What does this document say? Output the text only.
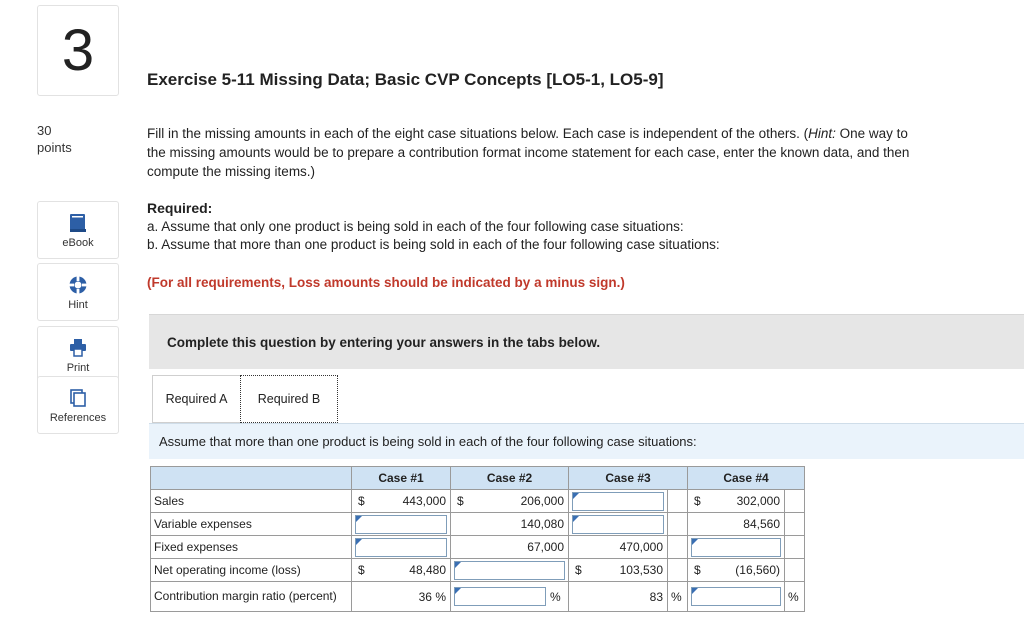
3
30
points
eBook
Hint
Print
References
Exercise 5-11 Missing Data; Basic CVP Concepts [LO5-1, LO5-9]
Fill in the missing amounts in each of the eight case situations below. Each case is independent of the others. (Hint: One way to
the missing amounts would be to prepare a contribution format income statement for each case, enter the known data, and then
compute the missing items.)
Required:
a. Assume that only one product is being sold in each of the four following case situations:
b. Assume that more than one product is being sold in each of the four following case situations:
(For all requirements, Loss amounts should be indicated by a minus sign.)
Complete this question by entering your answers in the tabs below.
Required A	Required B
Assume that more than one product is being sold in each of the four following case situations:
	Case #1		Case #2		Case #3			Case #4		
Sales	$	443,000	$	206,000				$	302,000	
Variable expenses			140,080					84,560		
Fixed expenses			67,000		470,000				

Net operating income (loss)	$	48,480			$	103,530		$	(16,560)	
Contribution margin ratio (percent)	36 %		%		83		%			%
